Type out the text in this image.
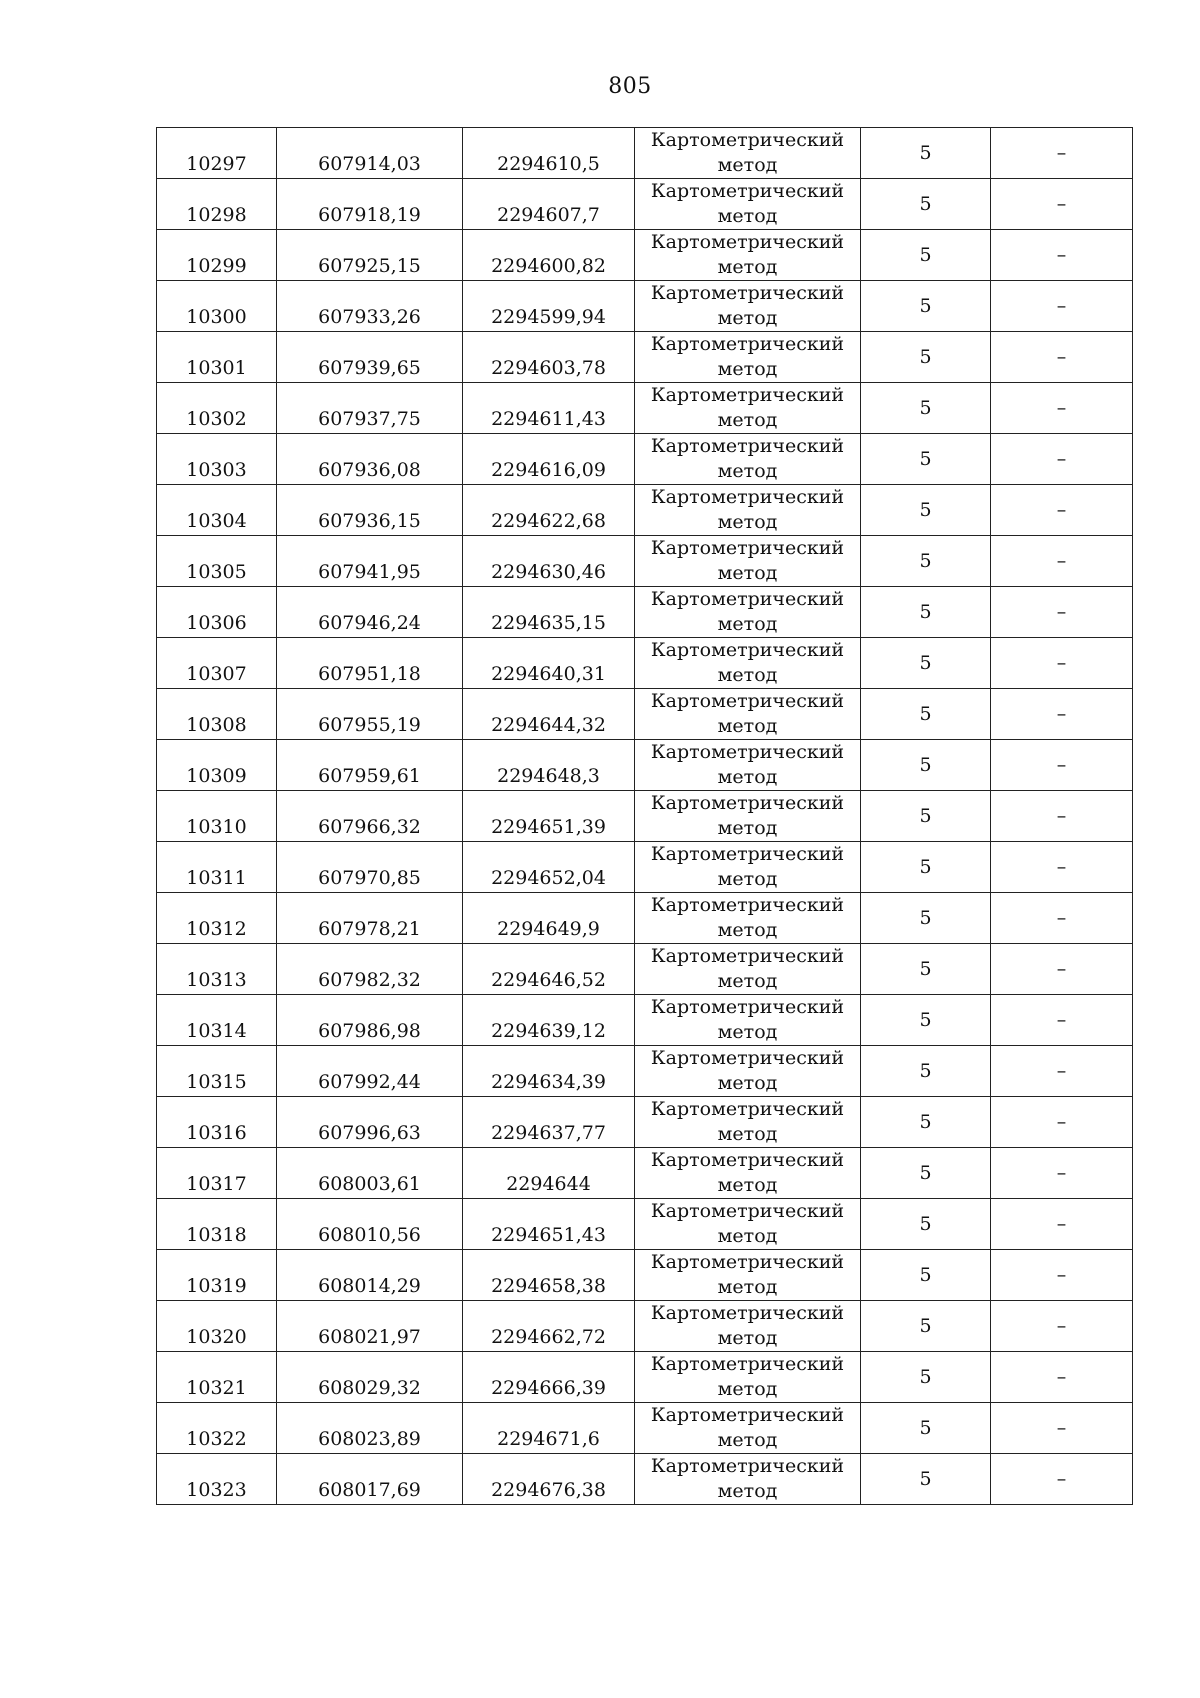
805
10297	607914,03	2294610,5	Картометрический метод	5	–
10298	607918,19	2294607,7	Картометрический метод	5	–
10299	607925,15	2294600,82	Картометрический метод	5	–
10300	607933,26	2294599,94	Картометрический метод	5	–
10301	607939,65	2294603,78	Картометрический метод	5	–
10302	607937,75	2294611,43	Картометрический метод	5	–
10303	607936,08	2294616,09	Картометрический метод	5	–
10304	607936,15	2294622,68	Картометрический метод	5	–
10305	607941,95	2294630,46	Картометрический метод	5	–
10306	607946,24	2294635,15	Картометрический метод	5	–
10307	607951,18	2294640,31	Картометрический метод	5	–
10308	607955,19	2294644,32	Картометрический метод	5	–
10309	607959,61	2294648,3	Картометрический метод	5	–
10310	607966,32	2294651,39	Картометрический метод	5	–
10311	607970,85	2294652,04	Картометрический метод	5	–
10312	607978,21	2294649,9	Картометрический метод	5	–
10313	607982,32	2294646,52	Картометрический метод	5	–
10314	607986,98	2294639,12	Картометрический метод	5	–
10315	607992,44	2294634,39	Картометрический метод	5	–
10316	607996,63	2294637,77	Картометрический метод	5	–
10317	608003,61	2294644	Картометрический метод	5	–
10318	608010,56	2294651,43	Картометрический метод	5	–
10319	608014,29	2294658,38	Картометрический метод	5	–
10320	608021,97	2294662,72	Картометрический метод	5	–
10321	608029,32	2294666,39	Картометрический метод	5	–
10322	608023,89	2294671,6	Картометрический метод	5	–
10323	608017,69	2294676,38	Картометрический метод	5	–
